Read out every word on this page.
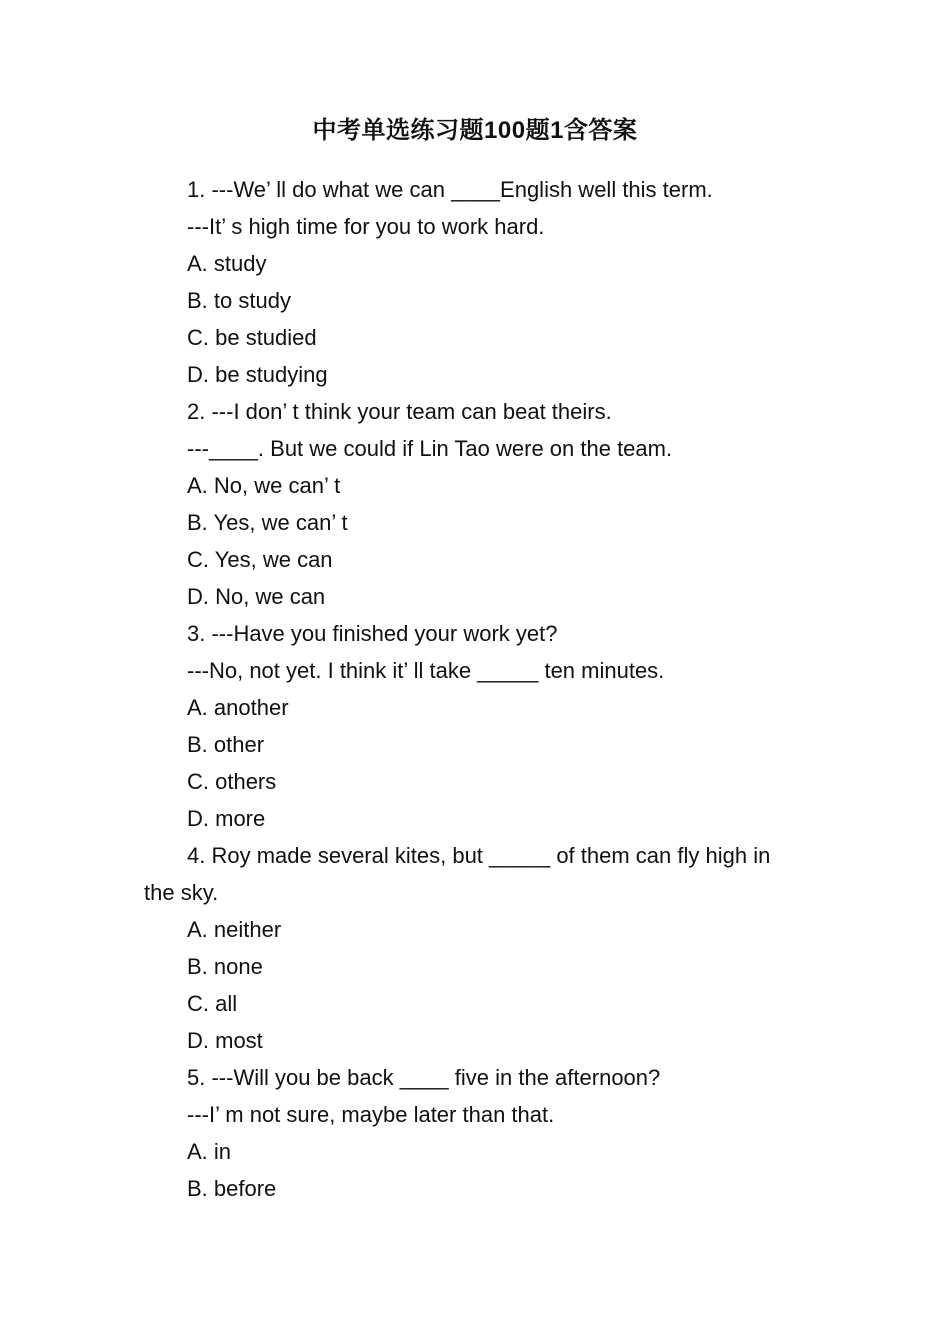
中考单选练习题100题1含答案
1. ---We’ ll do what we can ____English well this term.
---It’ s high time for you to work hard.
A. study
B. to study
C. be studied
D. be studying
2. ---I don’ t think your team can beat theirs.
---____. But we could if Lin Tao were on the team.
A. No, we can’ t
B. Yes, we can’ t
C. Yes, we can
D. No, we can
3. ---Have you finished your work yet?
---No, not yet. I think it’ ll take _____ ten minutes.
A. another
B. other
C. others
D. more
4. Roy made several kites, but _____ of them can fly high in
the sky.
A. neither
B. none
C. all
D. most
5. ---Will you be back ____ five in the afternoon?
---I’ m not sure, maybe later than that.
A. in
B. before
